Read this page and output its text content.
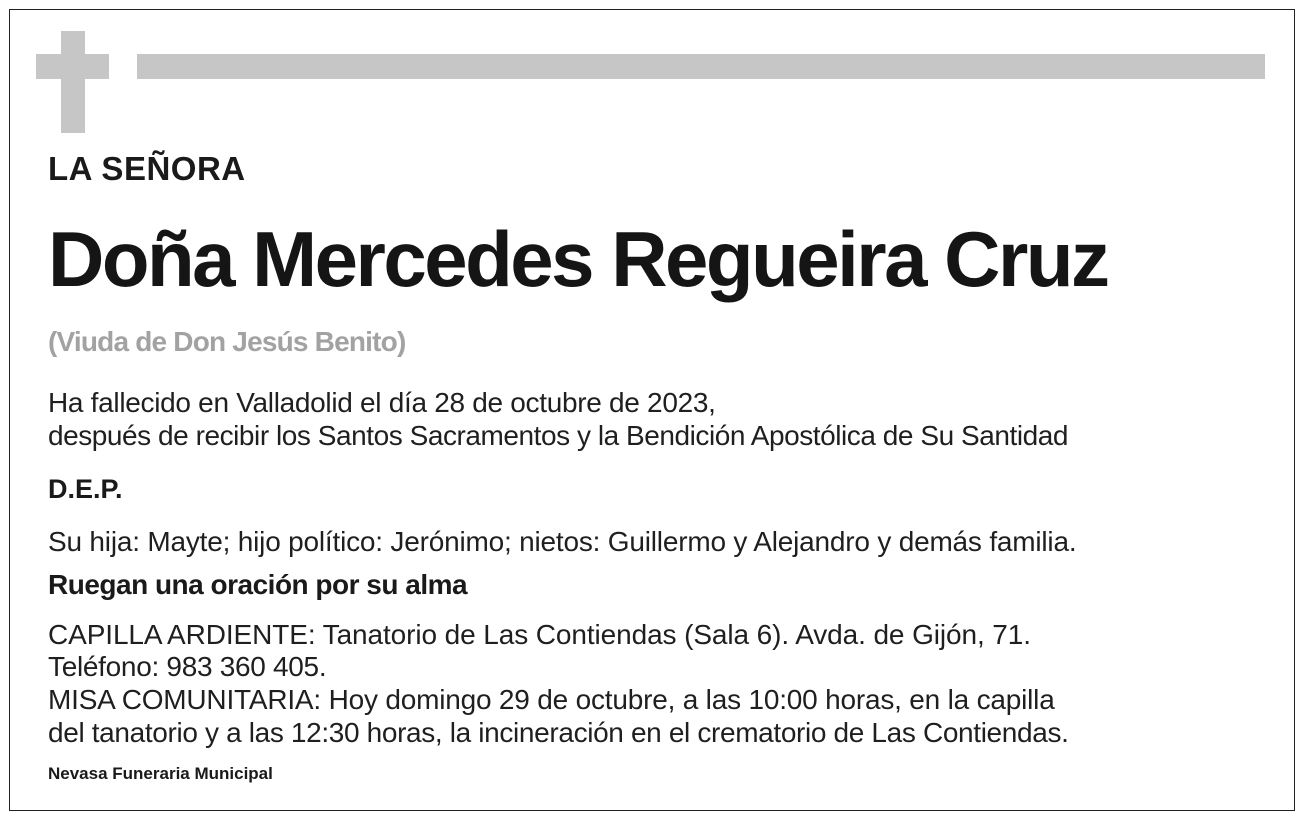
LA SEÑORA
Doña Mercedes Regueira Cruz
(Viuda de Don Jesús Benito)
Ha fallecido en Valladolid el día 28 de octubre de 2023,
después de recibir los Santos Sacramentos y la Bendición Apostólica de Su Santidad
D.E.P.
Su hija: Mayte; hijo político: Jerónimo; nietos: Guillermo y Alejandro y demás familia.
Ruegan una oración por su alma
CAPILLA ARDIENTE: Tanatorio de Las Contiendas (Sala 6). Avda. de Gijón, 71.
Teléfono: 983 360 405.
MISA COMUNITARIA: Hoy domingo 29 de octubre, a las 10:00 horas, en la capilla
del tanatorio y a las 12:30 horas, la incineración en el crematorio de Las Contiendas.
Nevasa Funeraria Municipal
